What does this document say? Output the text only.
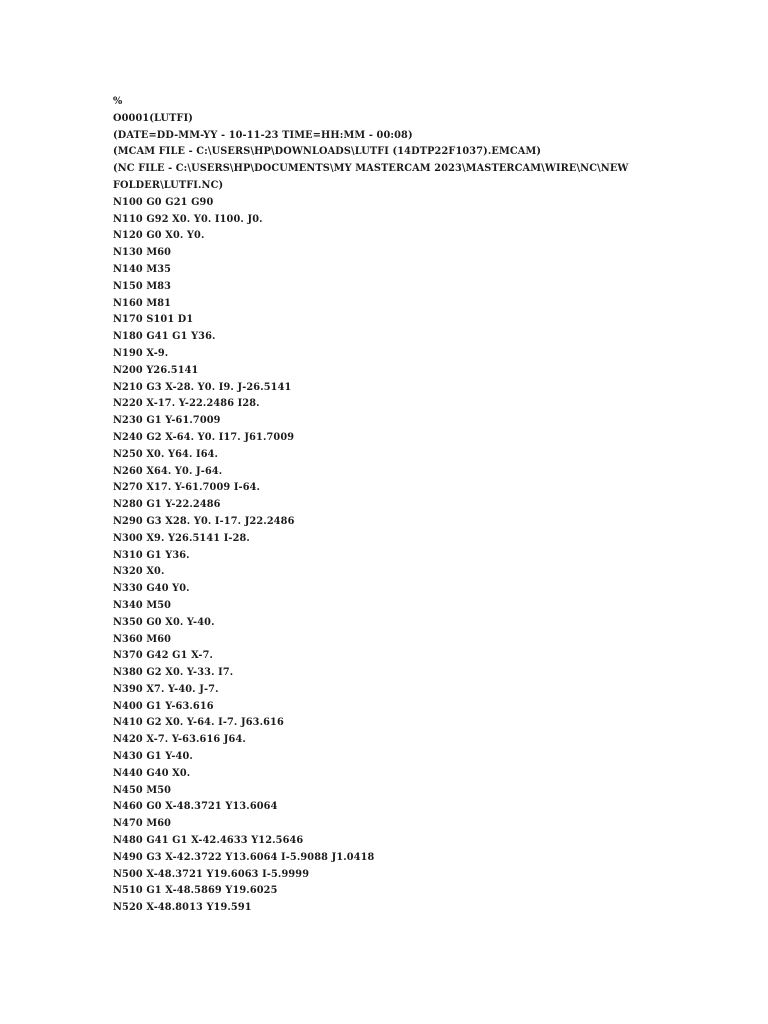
%
O0001(LUTFI)
(DATE=DD-MM-YY - 10-11-23 TIME=HH:MM - 00:08)
(MCAM FILE - C:\USERS\HP\DOWNLOADS\LUTFI (14DTP22F1037).EMCAM)
(NC FILE - C:\USERS\HP\DOCUMENTS\MY MASTERCAM 2023\MASTERCAM\WIRE\NC\NEW
FOLDER\LUTFI.NC)
N100 G0 G21 G90
N110 G92 X0. Y0. I100. J0.
N120 G0 X0. Y0.
N130 M60
N140 M35
N150 M83
N160 M81
N170 S101 D1
N180 G41 G1 Y36.
N190 X-9.
N200 Y26.5141
N210 G3 X-28. Y0. I9. J-26.5141
N220 X-17. Y-22.2486 I28.
N230 G1 Y-61.7009
N240 G2 X-64. Y0. I17. J61.7009
N250 X0. Y64. I64.
N260 X64. Y0. J-64.
N270 X17. Y-61.7009 I-64.
N280 G1 Y-22.2486
N290 G3 X28. Y0. I-17. J22.2486
N300 X9. Y26.5141 I-28.
N310 G1 Y36.
N320 X0.
N330 G40 Y0.
N340 M50
N350 G0 X0. Y-40.
N360 M60
N370 G42 G1 X-7.
N380 G2 X0. Y-33. I7.
N390 X7. Y-40. J-7.
N400 G1 Y-63.616
N410 G2 X0. Y-64. I-7. J63.616
N420 X-7. Y-63.616 J64.
N430 G1 Y-40.
N440 G40 X0.
N450 M50
N460 G0 X-48.3721 Y13.6064
N470 M60
N480 G41 G1 X-42.4633 Y12.5646
N490 G3 X-42.3722 Y13.6064 I-5.9088 J1.0418
N500 X-48.3721 Y19.6063 I-5.9999
N510 G1 X-48.5869 Y19.6025
N520 X-48.8013 Y19.591
